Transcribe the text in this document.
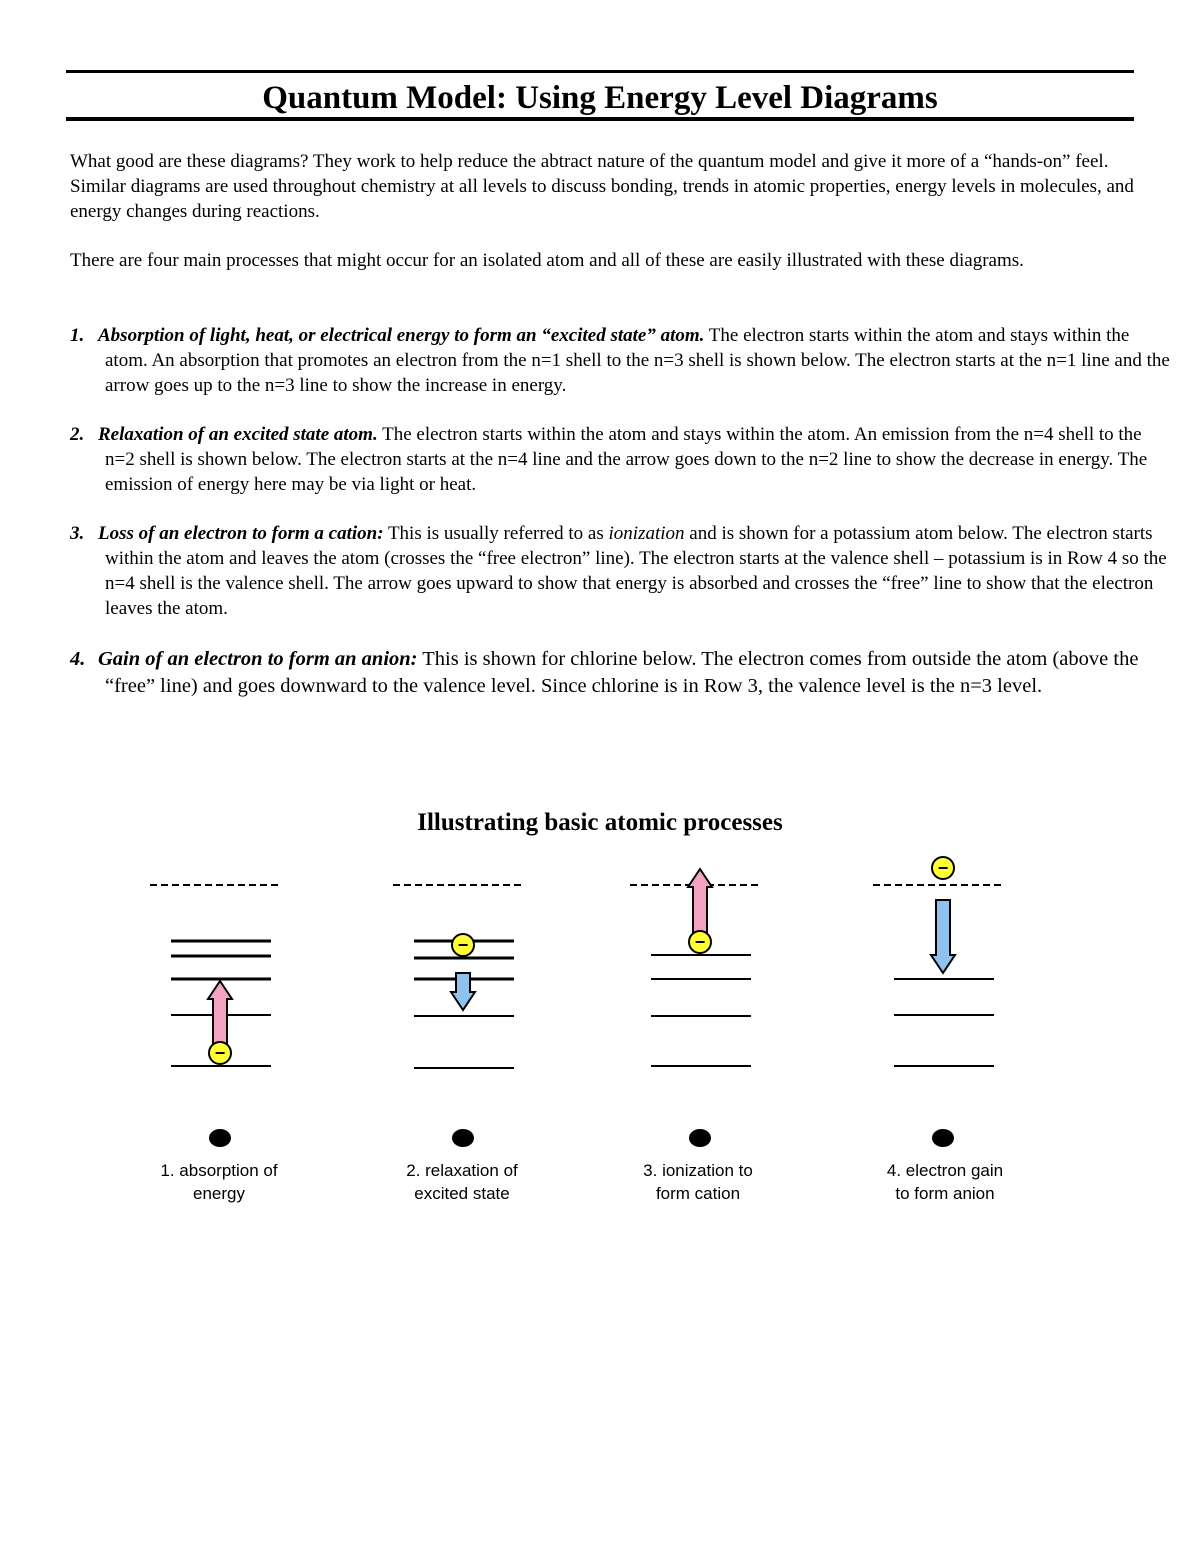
Quantum Model: Using Energy Level Diagrams

What good are these diagrams? They work to help reduce the abtract nature of the quantum model and give it more of a “hands-on” feel. Similar diagrams are used throughout chemistry at all levels to discuss bonding, trends in atomic properties, energy levels in molecules, and energy changes during reactions.

There are four main processes that might occur for an isolated atom and all of these are easily illustrated with these diagrams.

1. Absorption of light, heat, or electrical energy to form an “excited state” atom. The electron starts within the atom and stays within the atom. An absorption that promotes an electron from the n=1 shell to the n=3 shell is shown below. The electron starts at the n=1 line and the arrow goes up to the n=3 line to show the increase in energy.

2. Relaxation of an excited state atom. The electron starts within the atom and stays within the atom. An emission from the n=4 shell to the n=2 shell is shown below. The electron starts at the n=4 line and the arrow goes down to the n=2 line to show the decrease in energy. The emission of energy here may be via light or heat.

3. Loss of an electron to form a cation: This is usually referred to as ionization and is shown for a potassium atom below. The electron starts within the atom and leaves the atom (crosses the “free electron” line). The electron starts at the valence shell – potassium is in Row 4 so the n=4 shell is the valence shell. The arrow goes upward to show that energy is absorbed and crosses the “free” line to show that the electron leaves the atom.

4. Gain of an electron to form an anion: This is shown for chlorine below. The electron comes from outside the atom (above the “free” line) and goes downward to the valence level. Since chlorine is in Row 3, the valence level is the n=3 level.

Illustrating basic atomic processes
−
−	−
−

1. absorption of
energy

2. relaxation of
excited state

3. ionization to
form cation

4. electron gain
to form anion
